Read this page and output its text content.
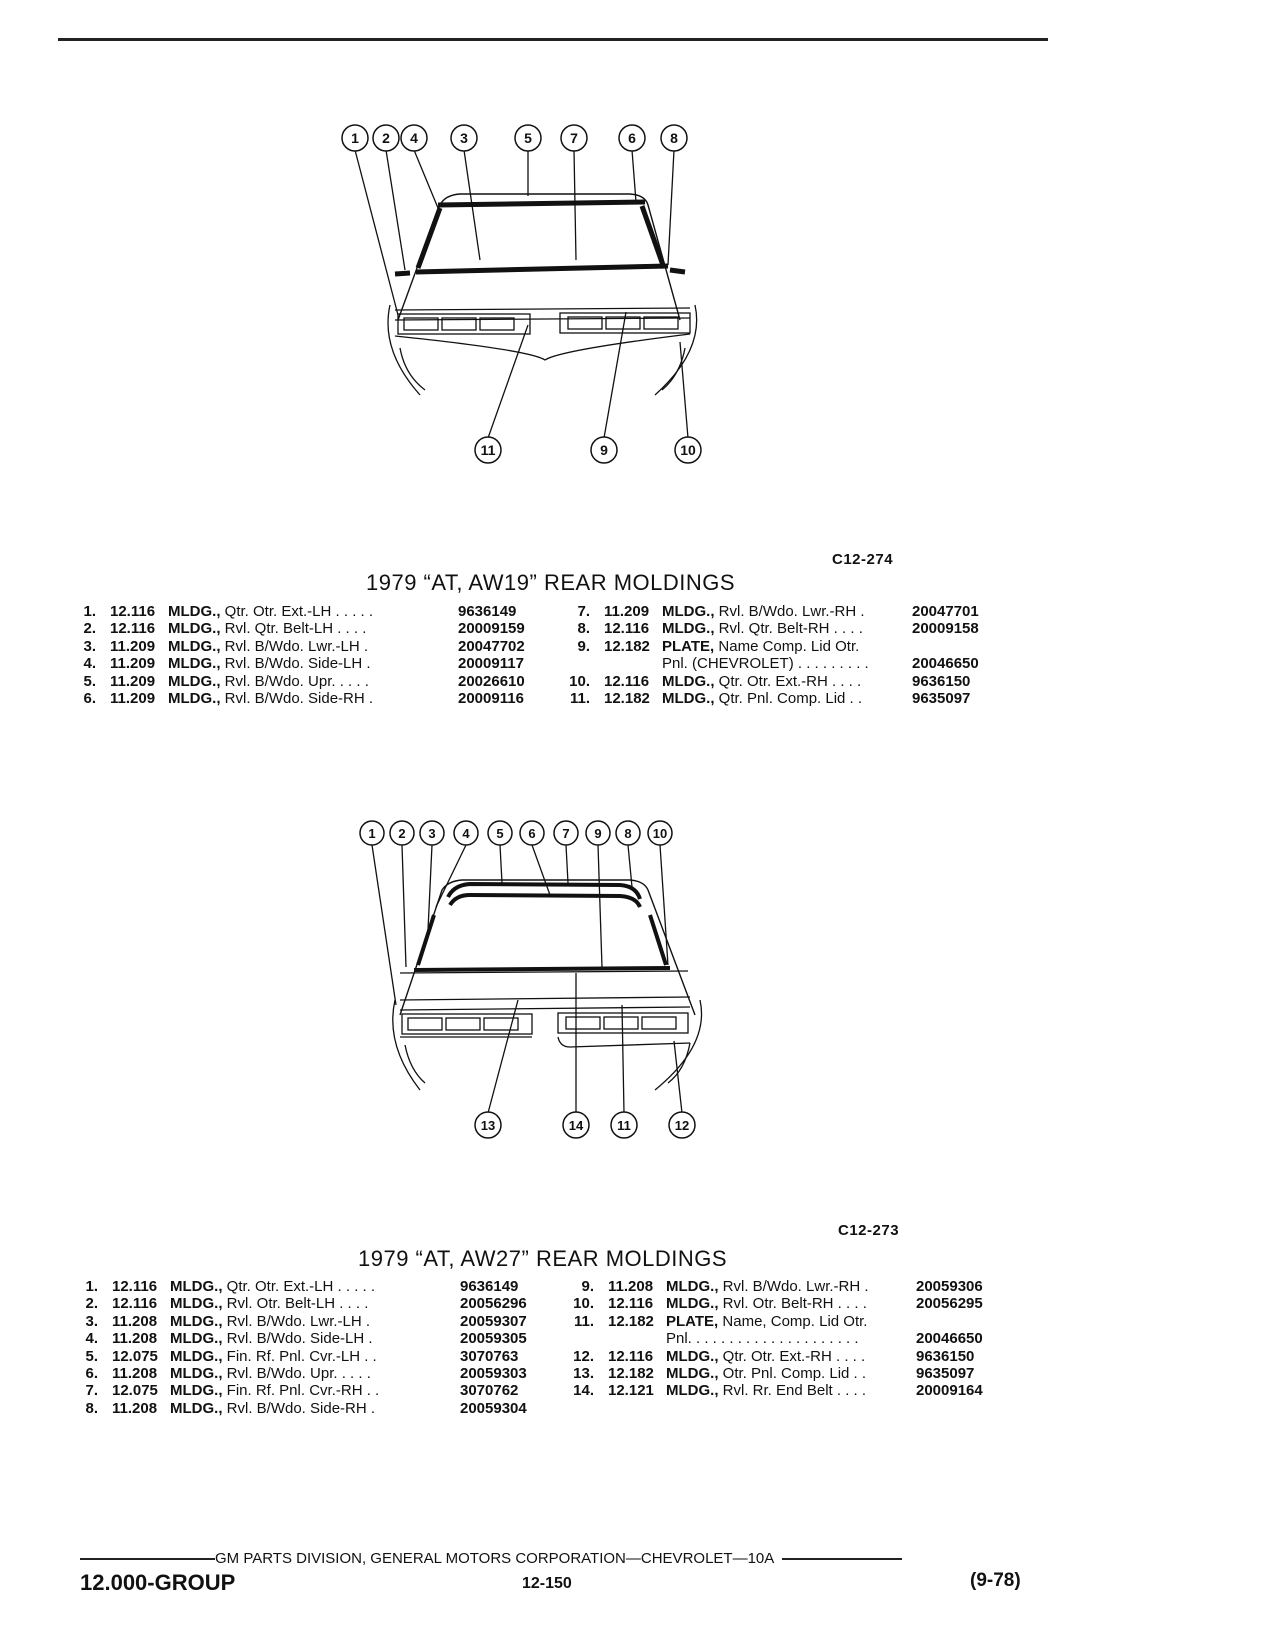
1 2 4	3	5	7	6 8
11	9	10
C12-274
1979 “AT, AW19” REAR MOLDINGS
1. 12.116 MLDG., Qtr. Otr. Ext.-LH . . . . .	9636149
2. 12.116 MLDG., Rvl. Qtr. Belt-LH . . . .	20009159
3. 11.209 MLDG., Rvl. B/Wdo. Lwr.-LH .	20047702
4. 11.209 MLDG., Rvl. B/Wdo. Side-LH .	20009117
5. 11.209 MLDG., Rvl. B/Wdo. Upr. . . . .	20026610
6. 11.209 MLDG., Rvl. B/Wdo. Side-RH .	20009116
7. 11.209 MLDG., Rvl. B/Wdo. Lwr.-RH .	20047701
8. 12.116 MLDG., Rvl. Qtr. Belt-RH . . . .	20009158
9. 12.182 PLATE, Name Comp. Lid Otr.
Pnl. (CHEVROLET) . . . . . . . . .	20046650
10. 12.116 MLDG., Qtr. Otr. Ext.-RH . . . .	9636150
11. 12.182 MLDG., Qtr. Pnl. Comp. Lid . .	9635097
1 2 3 4 5 6 7 9 8 10
13	14	11	12
C12-273
1979 “AT, AW27” REAR MOLDINGS
1. 12.116 MLDG., Qtr. Otr. Ext.-LH . . . . .	9636149
2. 12.116 MLDG., Rvl. Otr. Belt-LH . . . .	20056296
3. 11.208 MLDG., Rvl. B/Wdo. Lwr.-LH .	20059307
4. 11.208 MLDG., Rvl. B/Wdo. Side-LH .	20059305
5. 12.075 MLDG., Fin. Rf. Pnl. Cvr.-LH . .	3070763
6. 11.208 MLDG., Rvl. B/Wdo. Upr. . . . .	20059303
7. 12.075 MLDG., Fin. Rf. Pnl. Cvr.-RH . .	3070762
8. 11.208 MLDG., Rvl. B/Wdo. Side-RH .	20059304
9. 11.208 MLDG., Rvl. B/Wdo. Lwr.-RH .	20059306
10. 12.116 MLDG., Rvl. Otr. Belt-RH . . . .	20056295
11. 12.182 PLATE, Name, Comp. Lid Otr.
Pnl. . . . . . . . . . . . . . . . . . . . .	20046650
12. 12.116 MLDG., Qtr. Otr. Ext.-RH . . . .	9636150
13. 12.182 MLDG., Otr. Pnl. Comp. Lid . .	9635097
14. 12.121 MLDG., Rvl. Rr. End Belt . . . .	20009164
GM PARTS DIVISION, GENERAL MOTORS CORPORATION—CHEVROLET—10A
12.000-GROUP	12-150	(9-78)
